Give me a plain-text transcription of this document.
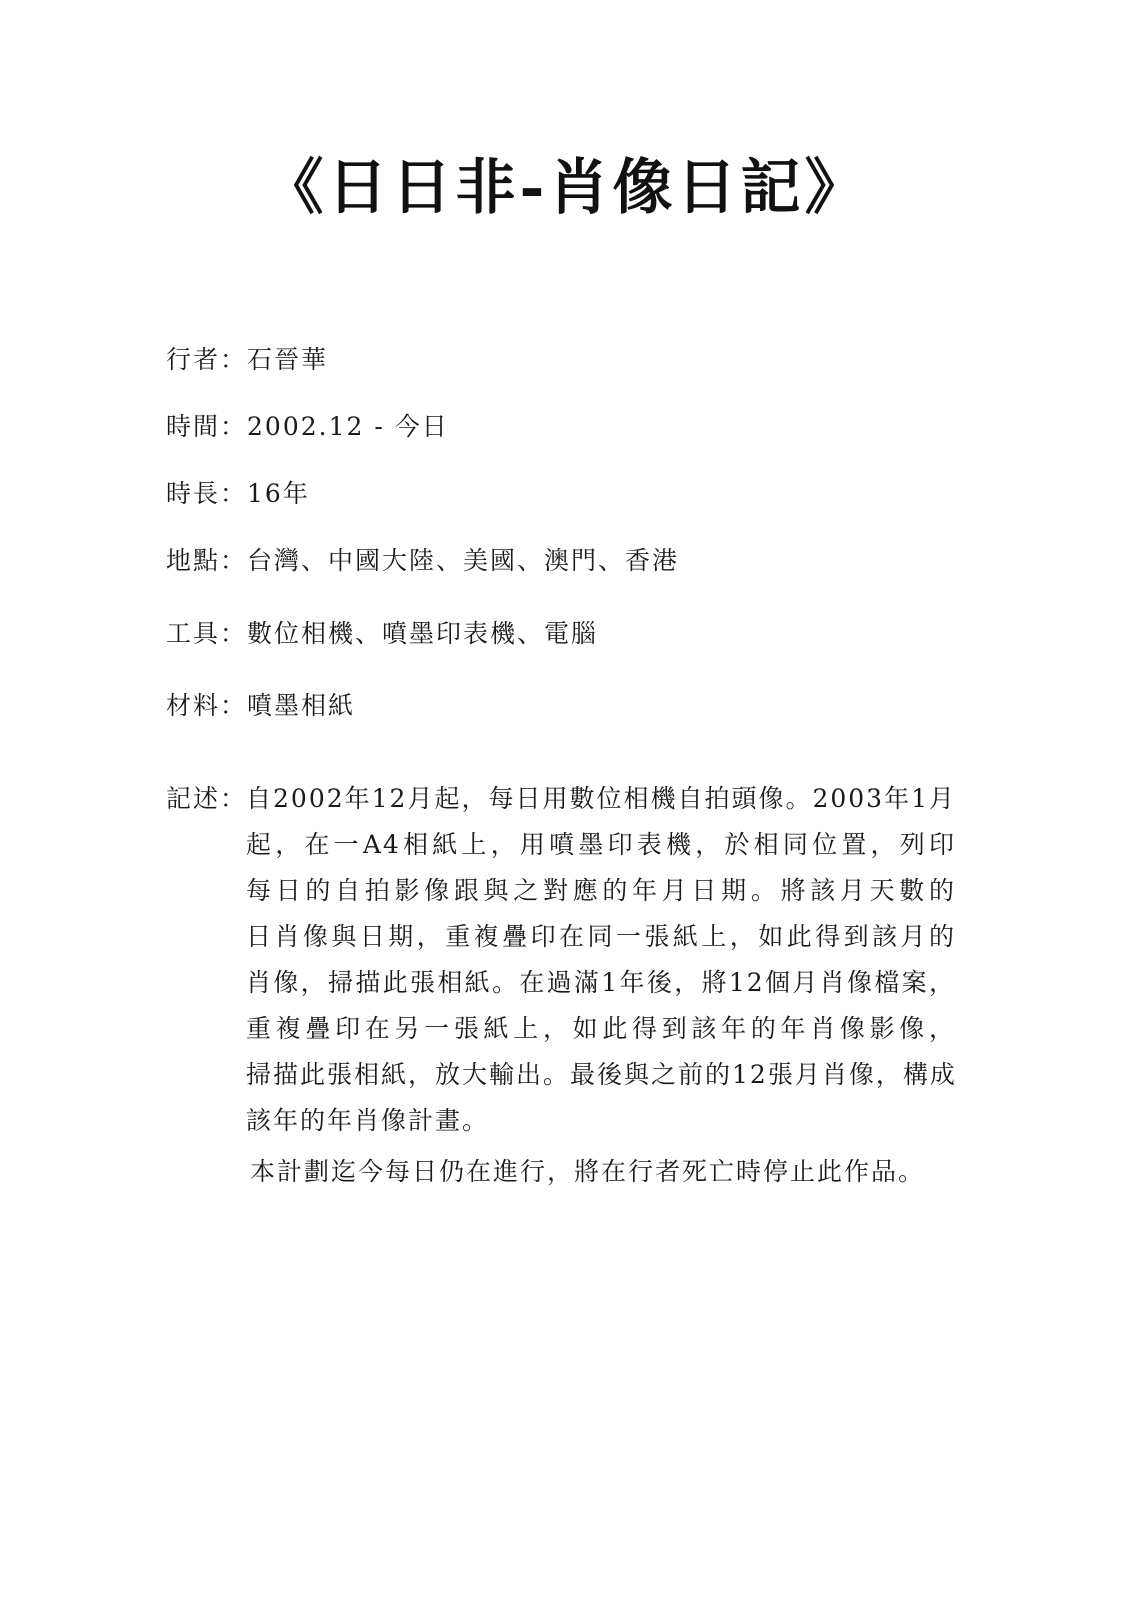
《日日非-肖像日記》
行者：石晉華
時間：2002.12 - 今日
時長：16年
地點：台灣、中國大陸、美國、澳門、香港
工具：數位相機、噴墨印表機、電腦
材料：噴墨相紙
記述：
自2002年12月起，每日用數位相機自拍頭像。2003年1月
起，在一A4相紙上，用噴墨印表機，於相同位置，列印
每日的自拍影像跟與之對應的年月日期。將該月天數的
日肖像與日期，重複疊印在同一張紙上，如此得到該月的
肖像，掃描此張相紙。在過滿1年後，將12個月肖像檔案，
重複疊印在另一張紙上，如此得到該年的年肖像影像，
掃描此張相紙，放大輸出。最後與之前的12張月肖像，構成
該年的年肖像計畫。
本計劃迄今每日仍在進行，將在行者死亡時停止此作品。
